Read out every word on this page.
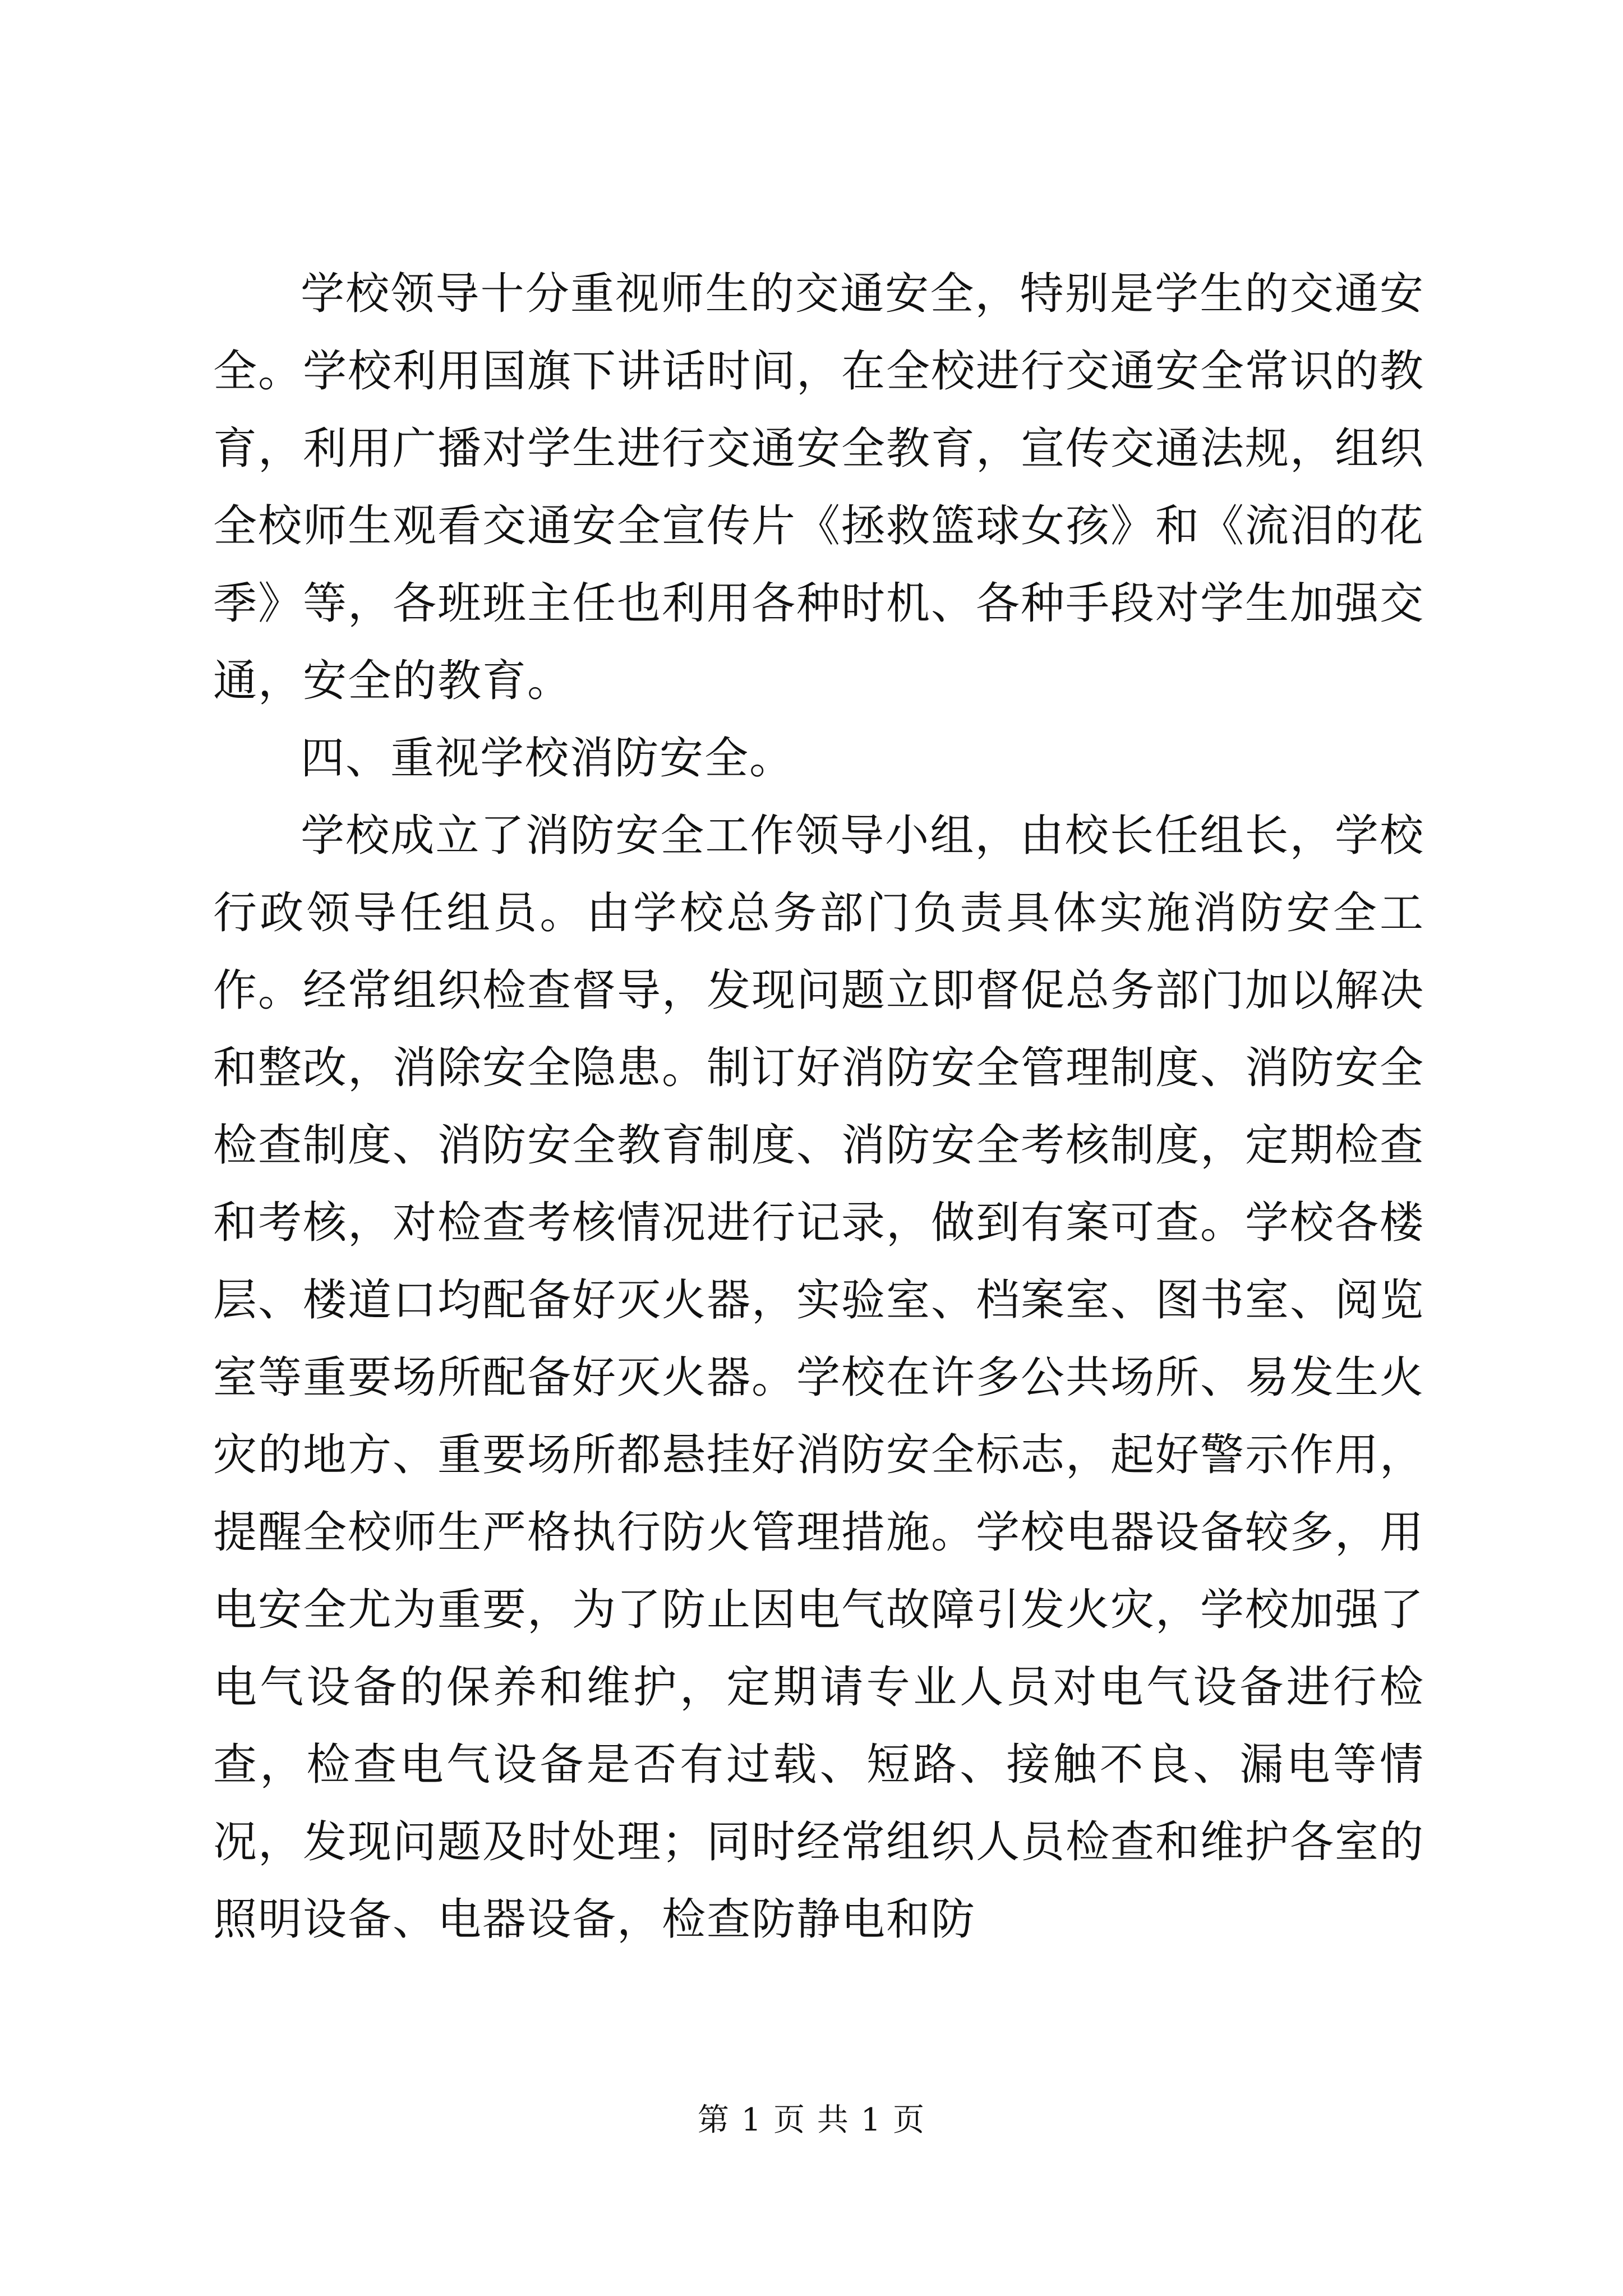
学校领导十分重视师生的交通安全，特别是学生的交通安全。学校利用国旗下讲话时间，在全校进行交通安全常识的教育，利用广播对学生进行交通安全教育，宣传交通法规，组织全校师生观看交通安全宣传片《拯救篮球女孩》和《流泪的花季》等，各班班主任也利用各种时机、各种手段对学生加强交通，安全的教育。

四、重视学校消防安全。

学校成立了消防安全工作领导小组，由校长任组长，学校行政领导任组员。由学校总务部门负责具体实施消防安全工作。经常组织检查督导，发现问题立即督促总务部门加以解决和整改，消除安全隐患。制订好消防安全管理制度、消防安全检查制度、消防安全教育制度、消防安全考核制度，定期检查和考核，对检查考核情况进行记录，做到有案可查。学校各楼层、楼道口均配备好灭火器，实验室、档案室、图书室、阅览室等重要场所配备好灭火器。学校在许多公共场所、易发生火灾的地方、重要场所都悬挂好消防安全标志，起好警示作用，提醒全校师生严格执行防火管理措施。学校电器设备较多，用电安全尤为重要，为了防止因电气故障引发火灾，学校加强了电气设备的保养和维护，定期请专业人员对电气设备进行检查，检查电气设备是否有过载、短路、接触不良、漏电等情况，发现问题及时处理；同时经常组织人员检查和维护各室的照明设备、电器设备，检查防静电和防

第 1 页 共 1 页
